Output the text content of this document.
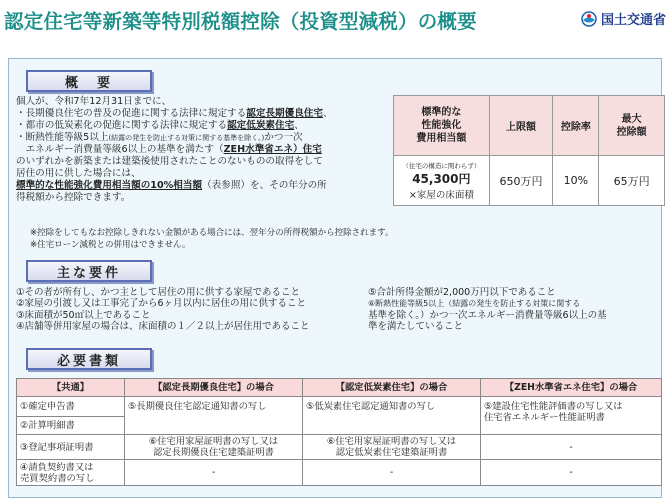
認定住宅等新築等特別税額控除（投資型減税）の概要	国土交通省
概　要
個人が、令和7年12月31日までに、
・長期優良住宅の普及の促進に関する法律に規定する認定長期優良住宅、
・都市の低炭素化の促進に関する法律に規定する認定低炭素住宅、
・断熱性能等級5以上(結露の発生を防止する対策に関する基準を除く。)かつ一次
　エネルギー消費量等級6以上の基準を満たす（ZEH水準省エネ）住宅
のいずれかを新築または建築後使用されたことのないものの取得をして
居住の用に供した場合には、
標準的な性能強化費用相当額の10%相当額（表参照）を、その年分の所
得税額から控除できます。
標準的な
性能強化
費用相当額	上限額	控除率	最大
控除額

（住宅の構造に関わらず）
45,300円
×家屋の床面積	650万円	10%	65万円
※控除をしてもなお控除しきれない金額がある場合には、翌年分の所得税額から控除されます。
※住宅ローン減税との併用はできません。
主な要件
①その者が所有し、かつ主として居住の用に供する家屋であること
②家屋の引渡し又は工事完了から6ヶ月以内に居住の用に供すること
③床面積が50㎡以上であること
④店舗等併用家屋の場合は、床面積の１／２以上が居住用であること
⑤合計所得金額が2,000万円以下であること
⑥断熱性能等級5以上（結露の発生を防止する対策に関する
基準を除く。）かつ一次エネルギー消費量等級6以上の基
準を満たしていること
必要書類
【共通】	【認定長期優良住宅】の場合	【認定低炭素住宅】の場合	【ZEH水準省エネ住宅】の場合
①確定申告書	⑤長期優良住宅認定通知書の写し	⑤低炭素住宅認定通知書の写し	⑤建設住宅性能評価書の写し又は
住宅省エネルギー性能証明書
②計算明細書			
③登記事項証明書	⑥住宅用家屋証明書の写し又は
認定長期優良住宅建築証明書	⑥住宅用家屋証明書の写し又は
認定低炭素住宅建築証明書	-
④請負契約書又は
売買契約書の写し	-	-	-
